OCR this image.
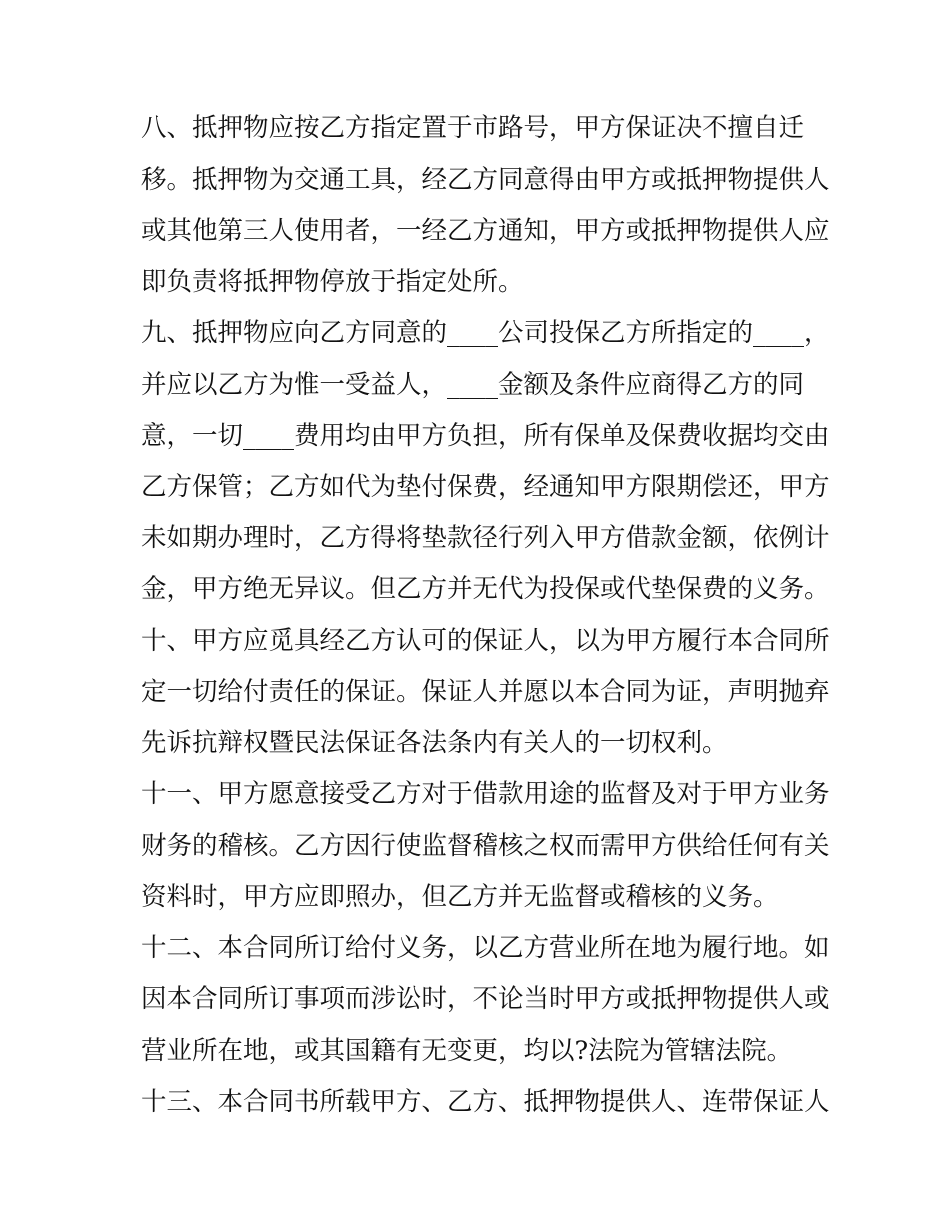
八、抵押物应按乙方指定置于市路号，甲方保证决不擅自迁
移。抵押物为交通工具，经乙方同意得由甲方或抵押物提供人
或其他第三人使用者，一经乙方通知，甲方或抵押物提供人应
即负责将抵押物停放于指定处所。
九、抵押物应向乙方同意的____公司投保乙方所指定的____，
并应以乙方为惟一受益人，____金额及条件应商得乙方的同
意，一切____费用均由甲方负担，所有保单及保费收据均交由
乙方保管；乙方如代为垫付保费，经通知甲方限期偿还，甲方
未如期办理时，乙方得将垫款径行列入甲方借款金额，依例计
金，甲方绝无异议。但乙方并无代为投保或代垫保费的义务。
十、甲方应觅具经乙方认可的保证人，以为甲方履行本合同所
定一切给付责任的保证。保证人并愿以本合同为证，声明抛弃
先诉抗辩权暨民法保证各法条内有关人的一切权利。
十一、甲方愿意接受乙方对于借款用途的监督及对于甲方业务
财务的稽核。乙方因行使监督稽核之权而需甲方供给任何有关
资料时，甲方应即照办，但乙方并无监督或稽核的义务。
十二、本合同所订给付义务，以乙方营业所在地为履行地。如
因本合同所订事项而涉讼时，不论当时甲方或抵押物提供人或
营业所在地，或其国籍有无变更，均以?法院为管辖法院。
十三、本合同书所载甲方、乙方、抵押物提供人、连带保证人
